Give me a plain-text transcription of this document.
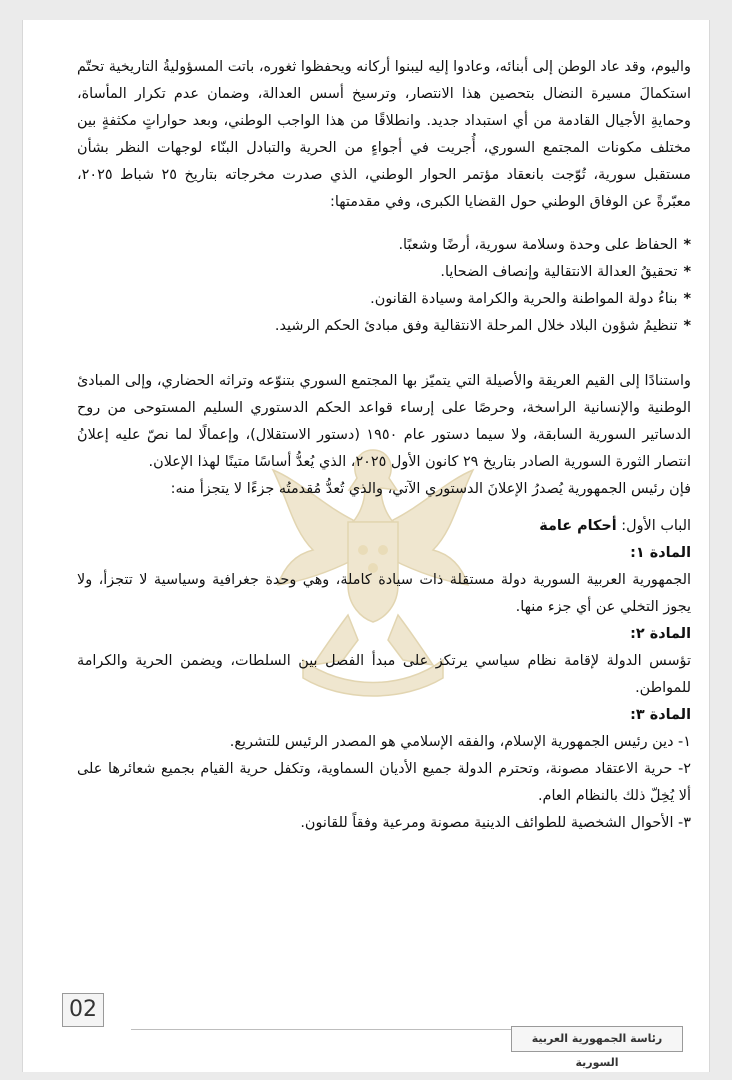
واليوم، وقد عاد الوطن إلى أبنائه، وعادوا إليه ليبنوا أركانه ويحفظوا ثغوره، باتت المسؤوليةُ التاريخية تحتّم استكمالَ مسيرة النضال بتحصين هذا الانتصار، وترسيخ أسس العدالة، وضمان عدم تكرار المأساة، وحمايةِ الأجيال القادمة من أي استبداد جديد. وانطلاقًا من هذا الواجب الوطني، وبعد حواراتٍ مكثفةٍ بين مختلف مكونات المجتمع السوري، أُجريت في أجواءٍ من الحرية والتبادل البنّاء لوجهات النظر بشأن مستقبل سورية، تُوّجت بانعقاد مؤتمر الحوار الوطني، الذي صدرت مخرجاته بتاريخ ٢٥ شباط ٢٠٢٥، معبّرةً عن الوفاق الوطني حول القضايا الكبرى، وفي مقدمتها:

*الحفاظ على وحدة وسلامة سورية، أرضًا وشعبًا.
*تحقيقُ العدالة الانتقالية وإنصاف الضحايا.
*بناءُ دولة المواطنة والحرية والكرامة وسيادة القانون.
*تنظيمُ شؤون البلاد خلال المرحلة الانتقالية وفق مبادئ الحكم الرشيد.

واستنادًا إلى القيم العريقة والأصيلة التي يتميّز بها المجتمع السوري بتنوّعه وتراثه الحضاري، وإلى المبادئ الوطنية والإنسانية الراسخة، وحرصًا على إرساء قواعد الحكم الدستوري السليم المستوحى من روح الدساتير السورية السابقة، ولا سيما دستور عام ١٩٥٠ (دستور الاستقلال)، وإعمالًا لما نصّ عليه إعلانُ انتصار الثورة السورية الصادر بتاريخ ٢٩ كانون الأول ٢٠٢٥، الذي يُعدُّ أساسًا متينًا لهذا الإعلان.

فإن رئيس الجمهورية يُصدرُ الإعلانَ الدستوري الآتي، والذي تُعدُّ مُقدمتُه جزءًا لا يتجزأ منه:

الباب الأول: أحكام عامة

المادة ١:

الجمهورية العربية السورية دولة مستقلة ذات سيادة كاملة، وهي وحدة جغرافية وسياسية لا تتجزأ، ولا يجوز التخلي عن أي جزء منها.

المادة ٢:

تؤسس الدولة لإقامة نظام سياسي يرتكز على مبدأ الفصل بين السلطات، ويضمن الحرية والكرامة للمواطن.

المادة ٣:

١- دين رئيس الجمهورية الإسلام، والفقه الإسلامي هو المصدر الرئيس للتشريع.

٢- حرية الاعتقاد مصونة، وتحترم الدولة جميع الأديان السماوية، وتكفل حرية القيام بجميع شعائرها على ألا يُخِلّ ذلك بالنظام العام.

٣- الأحوال الشخصية للطوائف الدينية مصونة ومرعية وفقاً للقانون.

رئاسة الجمهورية العربية السورية
02
